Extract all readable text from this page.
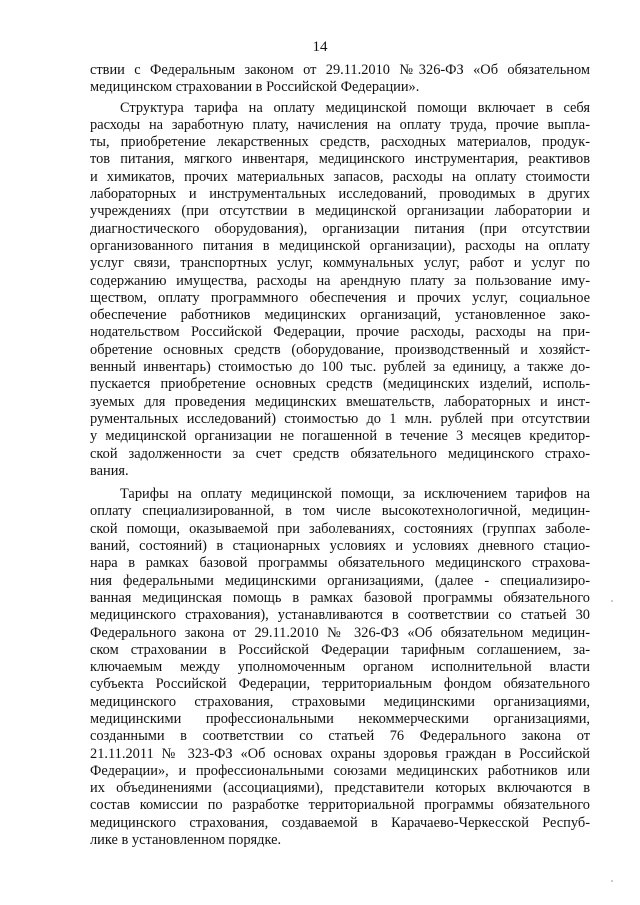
14
ствии с Федеральным законом от 29.11.2010 №326-ФЗ «Об обязательном
медицинском страховании в Российской Федерации».
Структура тарифа на оплату медицинской помощи включает в себя
расходы на заработную плату, начисления на оплату труда, прочие выпла-
ты, приобретение лекарственных средств, расходных материалов, продук-
тов питания, мягкого инвентаря, медицинского инструментария, реактивов
и химикатов, прочих материальных запасов, расходы на оплату стоимости
лабораторных и инструментальных исследований, проводимых в других
учреждениях (при отсутствии в медицинской организации лаборатории и
диагностического оборудования), организации питания (при отсутствии
организованного питания в медицинской организации), расходы на оплату
услуг связи, транспортных услуг, коммунальных услуг, работ и услуг по
содержанию имущества, расходы на арендную плату за пользование иму-
ществом, оплату программного обеспечения и прочих услуг, социальное
обеспечение работников медицинских организаций, установленное зако-
нодательством Российской Федерации, прочие расходы, расходы на при-
обретение основных средств (оборудование, производственный и хозяйст-
венный инвентарь) стоимостью до 100 тыс. рублей за единицу, а также до-
пускается приобретение основных средств (медицинских изделий, исполь-
зуемых для проведения медицинских вмешательств, лабораторных и инст-
рументальных исследований) стоимостью до 1 млн. рублей при отсутствии
у медицинской организации не погашенной в течение 3 месяцев кредитор-
ской задолженности за счет средств обязательного медицинского страхо-
вания.
Тарифы на оплату медицинской помощи, за исключением тарифов на
оплату специализированной, в том числе высокотехнологичной, медицин-
ской помощи, оказываемой при заболеваниях, состояниях (группах заболе-
ваний, состояний) в стационарных условиях и условиях дневного стацио-
нара в рамках базовой программы обязательного медицинского страхова-
ния федеральными медицинскими организациями, (далее - специализиро-
ванная медицинская помощь в рамках базовой программы обязательного
медицинского страхования), устанавливаются в соответствии со статьей 30
Федерального закона от 29.11.2010 № 326-ФЗ «Об обязательном медицин-
ском страховании в Российской Федерации тарифным соглашением, за-
ключаемым между уполномоченным органом исполнительной власти
субъекта Российской Федерации, территориальным фондом обязательного
медицинского страхования, страховыми медицинскими организациями,
медицинскими профессиональными некоммерческими организациями,
созданными в соответствии со статьей 76 Федерального закона от
21.11.2011 № 323-ФЗ «Об основах охраны здоровья граждан в Российской
Федерации», и профессиональными союзами медицинских работников или
их объединениями (ассоциациями), представители которых включаются в
состав комиссии по разработке территориальной программы обязательного
медицинского страхования, создаваемой в Карачаево-Черкесской Респуб-
лике в установленном порядке.
